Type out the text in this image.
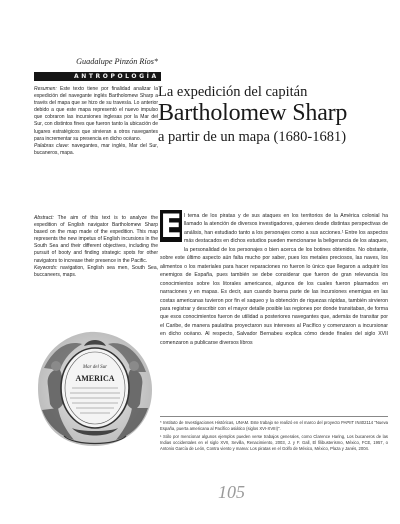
Guadalupe Pinzón Ríos*
ANTROPOLOGÍA
La expedición del capitán
Bartholomew Sharp
a partir de un mapa (1680-1681)

Resumen: Este texto tiene por finalidad analizar la expedición del navegante inglés Bartholomew Sharp a través del mapa que se hizo de su travesía. Lo anterior debido a que este mapa representó el nuevo impulso que cobraron las incursiones inglesas por la Mar del Sur, con distintos fines que fueron tanto la ubicación de lugares estratégicos que sirvieran a otros navegantes para incrementar su presencia en dicho océano.

Palabras clave: navegantes, mar inglés, Mar del Sur, bucaneros, mapa.

Abstract: The aim of this text is to analyze the expedition of English navigator Bartholomew Sharp based on the map made of the expedition. This map represents the new impetus of English incursions in the South Sea and their different objectives, including the pursuit of booty and finding strategic spots for other navigators to increase their presence in the Pacific.

Keywords: navigation, English sea men, South Sea, buccaneers, maps.

Mar del Sur
AMERICA
E l tema de los piratas y de sus ataques en los territorios de la América colonial ha llamado la atención de diversos investigadores, quienes desde distintas perspectivas de análisis, han estudiado tanto a los personajes como a sus acciones.¹ Entre los aspectos más destacados en dichos estudios pueden mencionarse la beligerancia de los ataques, la personalidad de los personajes o bien acerca de los botines obtenidos. No obstante, sobre este último aspecto aún falta mucho por saber, pues los metales preciosos, las naves, los alimentos o los materiales para hacer reparaciones no fueron lo único que llegaron a adquirir los enemigos de España, pues también se debe considerar que fueron de gran relevancia los conocimientos sobre los litorales americanos, algunos de los cuales fueron plasmados en narraciones y en mapas. Es decir, aun cuando buena parte de las incursiones enemigas en las costas americanas tuvieron por fin el saqueo y la obtención de riquezas rápidas, también sirvieron para registrar y describir con el mayor detalle posible las regiones por donde transitaban, de forma que esos conocimientos fueron de utilidad a posteriores navegantes que, además de transitar por el Caribe, de manera paulatina proyectaron sus intereses al Pacífico y comenzaron a incursionar en dicho océano. Al respecto, Salvador Bernabeu explica cómo desde finales del siglo XVII comenzaron a publicarse diversos libros

* Instituto de Investigaciones Históricas, UNAM. Este trabajo se realizó en el marco del proyecto PAPIIT IN402114 "Nueva España, puerta americana al Pacífico asiático (siglos XVI-XVIII)".

¹ Sólo por mencionar algunos ejemplos pueden verse trabajos generales, como Clarence Haring, Los bucaneros de las Indias occidentales en el siglo XVII, Sevilla, Renacimiento, 2003, J. y F. Gall, El filibusterismo, México, FCE, 1957, o Antonio García de León, Contra viento y marea: Los piratas en el Golfo de México, México, Plaza y Janés, 2004.

105
